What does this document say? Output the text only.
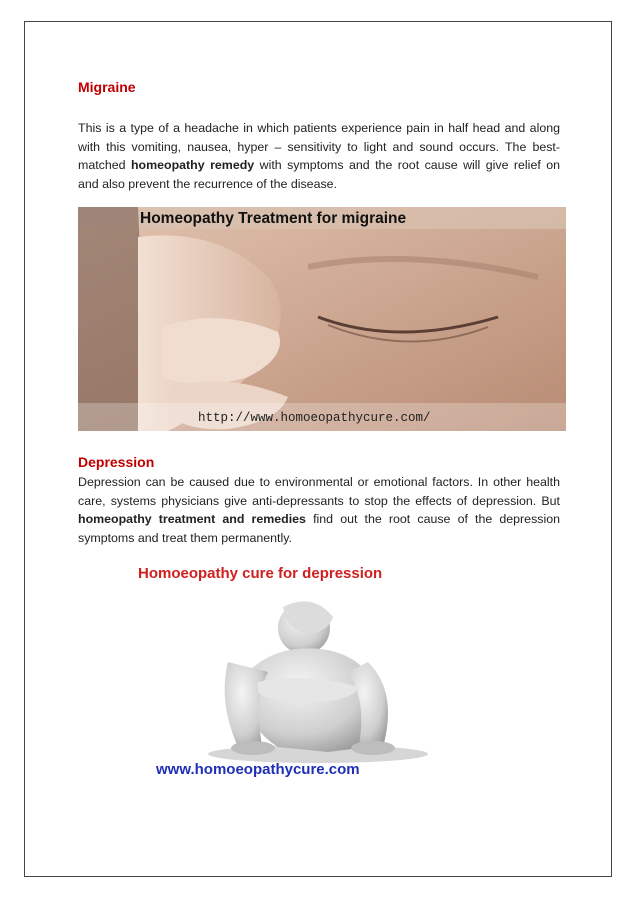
Migraine

This is a type of a headache in which patients experience pain in half head and along with this vomiting, nausea, hyper – sensitivity to light and sound occurs. The best-matched homeopathy remedy with symptoms and the root cause will give relief on and also prevent the recurrence of the disease.

Homeopathy Treatment for migraine
http://www.homoeopathycure.com/
Depression

Depression can be caused due to environmental or emotional factors. In other health care, systems physicians give anti-depressants to stop the effects of depression. But homeopathy treatment and remedies find out the root cause of the depression symptoms and treat them permanently.

Homoeopathy cure for depression
www.homoeopathycure.com
